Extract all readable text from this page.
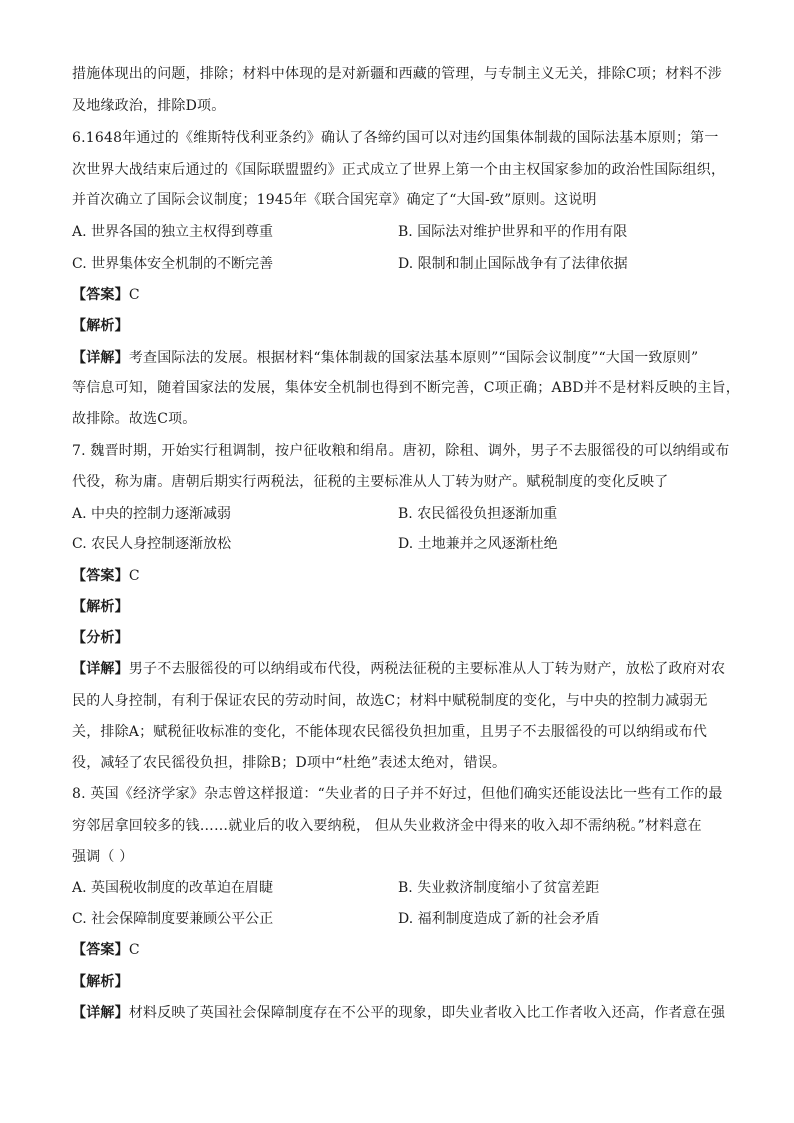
措施体现出的问题，排除；材料中体现的是对新疆和西藏的管理，与专制主义无关，排除C项；材料不涉
及地缘政治，排除D项。
6.1648年通过的《维斯特伐利亚条约》确认了各缔约国可以对违约国集体制裁的国际法基本原则；第一
次世界大战结束后通过的《国际联盟盟约》正式成立了世界上第一个由主权国家参加的政治性国际组织，
并首次确立了国际会议制度；1945年《联合国宪章》确定了“大国-致”原则。这说明
A. 世界各国的独立主权得到尊重	B. 国际法对维护世界和平的作用有限
C. 世界集体安全机制的不断完善	D. 限制和制止国际战争有了法律依据
【答案】C
【解析】
【详解】考查国际法的发展。根据材料“集体制裁的国家法基本原则”“国际会议制度”“大国一致原则”
等信息可知，随着国家法的发展，集体安全机制也得到不断完善，C项正确；ABD并不是材料反映的主旨，
故排除。故选C项。
7. 魏晋时期，开始实行租调制，按户征收粮和绢帛。唐初，除租、调外，男子不去服徭役的可以纳绢或布
代役，称为庸。唐朝后期实行两税法，征税的主要标准从人丁转为财产。赋税制度的变化反映了
A. 中央的控制力逐渐减弱	B. 农民徭役负担逐渐加重
C. 农民人身控制逐渐放松	D. 土地兼并之风逐渐杜绝
【答案】C
【解析】
【分析】
【详解】男子不去服徭役的可以纳绢或布代役，两税法征税的主要标准从人丁转为财产，放松了政府对农
民的人身控制，有利于保证农民的劳动时间，故选C；材料中赋税制度的变化，与中央的控制力减弱无
关，排除A；赋税征收标准的变化，不能体现农民徭役负担加重，且男子不去服徭役的可以纳绢或布代
役，减轻了农民徭役负担，排除B；D项中“杜绝”表述太绝对，错误。
8. 英国《经济学家》杂志曾这样报道：“失业者的日子并不好过，但他们确实还能设法比一些有工作的最
穷邻居拿回较多的钱……就业后的收入要纳税， 但从失业救济金中得来的收入却不需纳税。”材料意在
强调（ ）
A. 英国税收制度的改革迫在眉睫	B. 失业救济制度缩小了贫富差距
C. 社会保障制度要兼顾公平公正	D. 福利制度造成了新的社会矛盾
【答案】C
【解析】
【详解】材料反映了英国社会保障制度存在不公平的现象，即失业者收入比工作者收入还高，作者意在强
